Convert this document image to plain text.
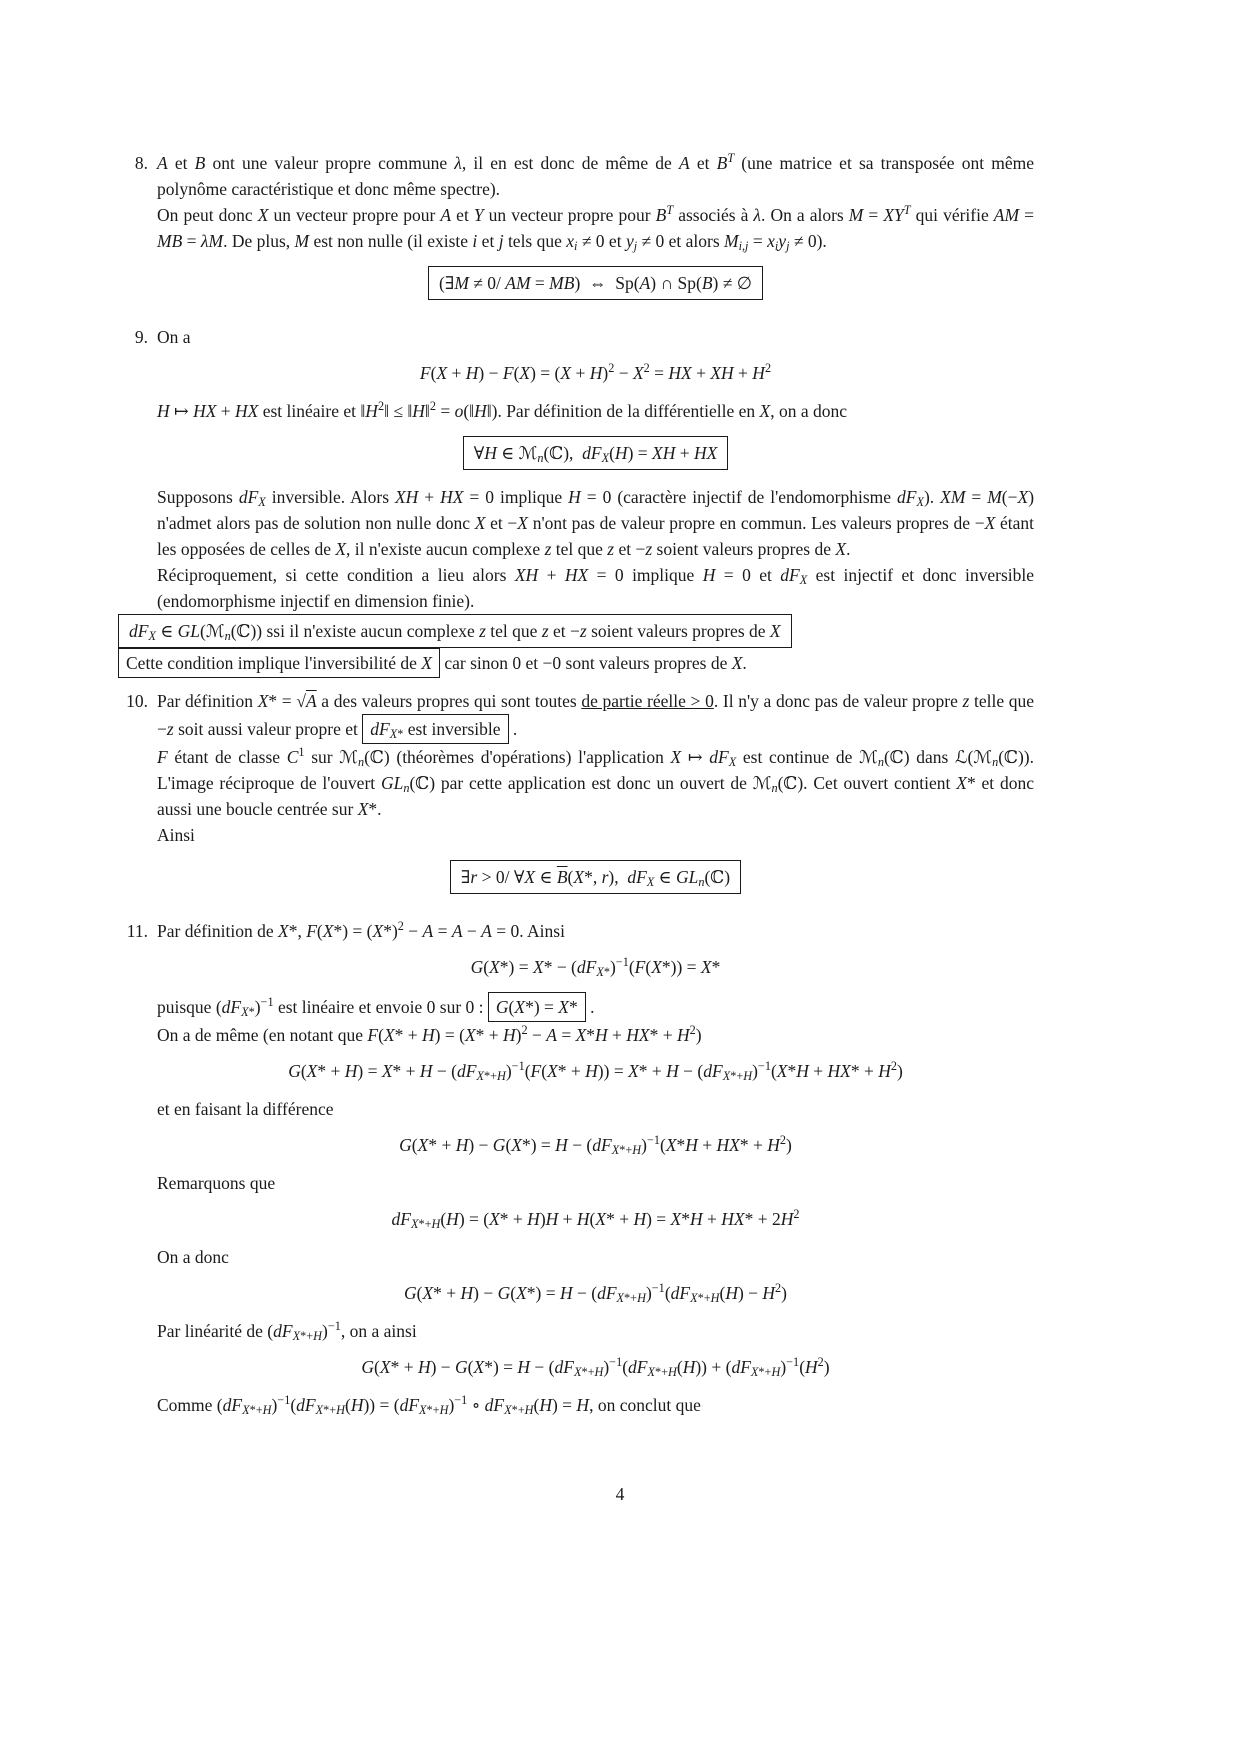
8. A et B ont une valeur propre commune λ, il en est donc de même de A et $B^T$ (une matrice et sa transposée ont même polynôme caractéristique et donc même spectre).

On peut donc X un vecteur propre pour A et Y un vecteur propre pour $B^T$ associés à λ. On a alors $M = XY^T$ qui vérifie AM = MB = λM. De plus, M est non nulle (il existe i et j tels que $x_i \ne 0$ et $y_j \ne 0$ et alors $M_{i,j} = x_iy_j \ne 0$).

(∃M ≠ 0/ AM = MB)  ⇔  Sp(A) ∩ Sp(B) ≠ ∅
9. On a

$F(X + H) - F(X) = (X + H)^2 - X^2$ = HX + XH + $H^2$

H ↦ HX + HX est linéaire et $‖H^2‖$ ≤ ‖H‖$^2$ = o(‖H‖). Par définition de la différentielle en X, on a donc

∀H ∈ ℳ$_n$(ℂ),  $dF_X(H)$ = XH + HX

Supposons $dF_X$ inversible. Alors XH + HX = 0 implique H = 0 (caractère injectif de l'endomorphisme $dF_X$). XM = M(−X) n'admet alors pas de solution non nulle donc X et −X n'ont pas de valeur propre en commun. Les valeurs propres de −X étant les opposées de celles de X, il n'existe aucun complexe z tel que z et −z soient valeurs propres de X.

Réciproquement, si cette condition a lieu alors XH + HX = 0 implique H = 0 et $dF_X$ est injectif et donc inversible (endomorphisme injectif en dimension finie).

$dF_X$ ∈ GL(ℳ$_n$(ℂ)) ssi il n'existe aucun complexe z tel que z et −z soient valeurs propres de X

Cette condition implique l'inversibilité de X car sinon 0 et −0 sont valeurs propres de X.

10. Par définition X* = √A a des valeurs propres qui sont toutes de partie réelle > 0. Il n'y a donc pas de valeur propre z telle que −z soit aussi valeur propre et $dF_{X*}$ est inversible .

F étant de classe $C^1$ sur ℳ$_n$(ℂ) (théorèmes d'opérations) l'application X ↦ $dF_X$ est continue de ℳ$_n$(ℂ) dans ℒ(ℳ$_n$(ℂ)). L'image réciproque de l'ouvert $GL_n(ℂ)$ par cette application est donc un ouvert de ℳ$_n$(ℂ). Cet ouvert contient X* et donc aussi une boucle centrée sur X*.

Ainsi

∃r > 0/ ∀X ∈ $\overline{B}(X*$, r),  $dF_X$ ∈ $GL_n(ℂ)$
11. Par définition de X*, $F(X*) = (X*)^2 - A = A - A = 0$. Ainsi

$G(X*) = X* - (dF_{X*})^{-1}(F(X*)) = X*$

puisque $(dF_{X*})^{-1}$ est linéaire et envoie 0 sur 0 : G(X*) = X* .

On a de même (en notant que $F(X* + H) = (X* + H)^2 - A = X*H + HX* + H^2$)

$G(X* + H) = X* + H - (dF_{X*+H})^{-1}(F(X* + H)) = X* + H - (dF_{X*+H})^{-1}(X*H + HX* + H^2)$

et en faisant la différence

$G(X* + H) - G(X*) = H - (dF_{X*+H})^{-1}(X*H + HX* + H^2)$

Remarquons que

$dF_{X*+H}(H) = (X* + H)H + H(X* + H) = X*H + HX* + 2H^2$

On a donc

$G(X* + H) - G(X*) = H - (dF_{X*+H})^{-1}(dF_{X*+H}(H) - H^2)$

Par linéarité de $(dF_{X*+H})^{-1}$, on a ainsi

$G(X* + H) - G(X*) = H - (dF_{X*+H})^{-1}(dF_{X*+H}(H)) + (dF_{X*+H})^{-1}(H^2)$

Comme $(dF_{X*+H})^{-1}(dF_{X*+H}(H)) = (dF_{X*+H})^{-1}$ ∘ $dF_{X*+H}(H) = H$, on conclut que

4
